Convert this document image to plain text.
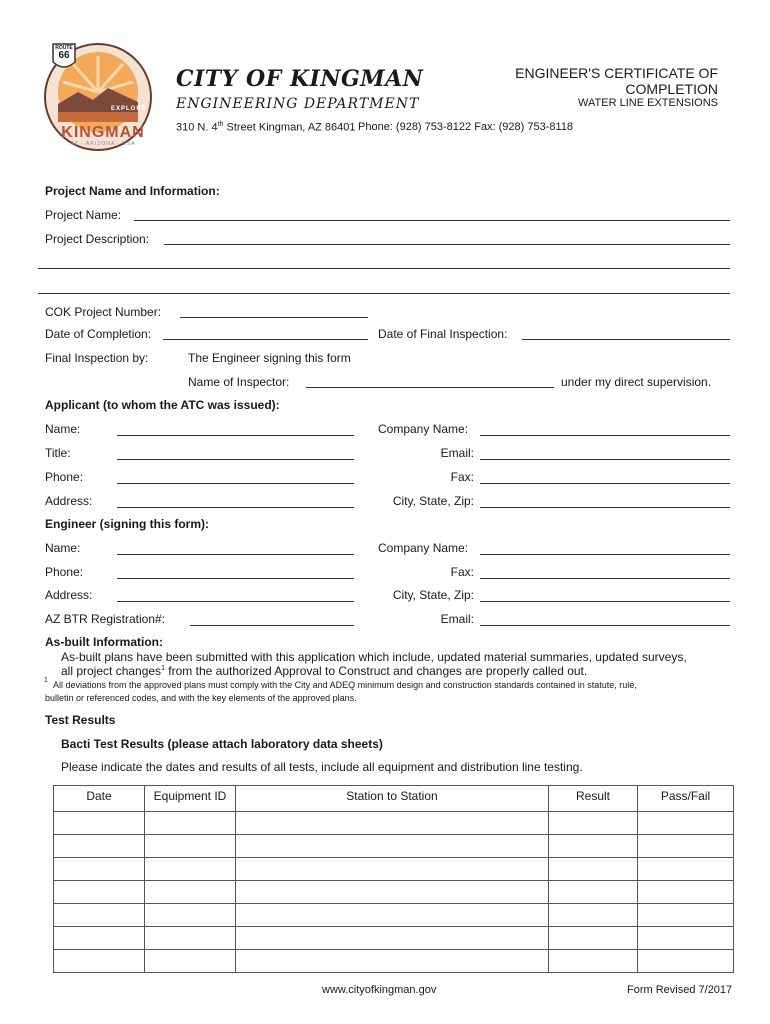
ROUTE
66
EXPLORE
KINGMAN
AZ · ARIZONA · USA
CITY OF KINGMAN
ENGINEERING DEPARTMENT
310 N. 4th Street Kingman, AZ 86401 Phone: (928) 753-8122 Fax: (928) 753-8118
ENGINEER'S CERTIFICATE OF COMPLETION
WATER LINE EXTENSIONS
Project Name and Information:
Project Name:
Project Description:
COK Project Number:
Date of Completion:	Date of Final Inspection:
Final Inspection by:	The Engineer signing this form
Name of Inspector:	under my direct supervision.
Applicant (to whom the ATC was issued):
Name:	Company Name:
Title:	Email:
Phone:	Fax:
Address:	City, State, Zip:
Engineer (signing this form):
Name:	Company Name:
Phone:	Fax:
Address:	City, State, Zip:
AZ BTR Registration#:	Email:
As-built Information:
As-built plans have been submitted with this application which include, updated material summaries, updated surveys,
all project changes$^1$ from the authorized Approval to Construct and changes are properly called out.
1 All deviations from the approved plans must comply with the City and ADEQ minimum design and construction standards contained in statute, rule,
bulletin or referenced codes, and with the key elements of the approved plans.
Test Results
Bacti Test Results (please attach laboratory data sheets)
Please indicate the dates and results of all tests, include all equipment and distribution line testing.
Date	Equipment ID	Station to Station	Result	Pass/Fail

www.cityofkingman.gov	Form Revised 7/2017
